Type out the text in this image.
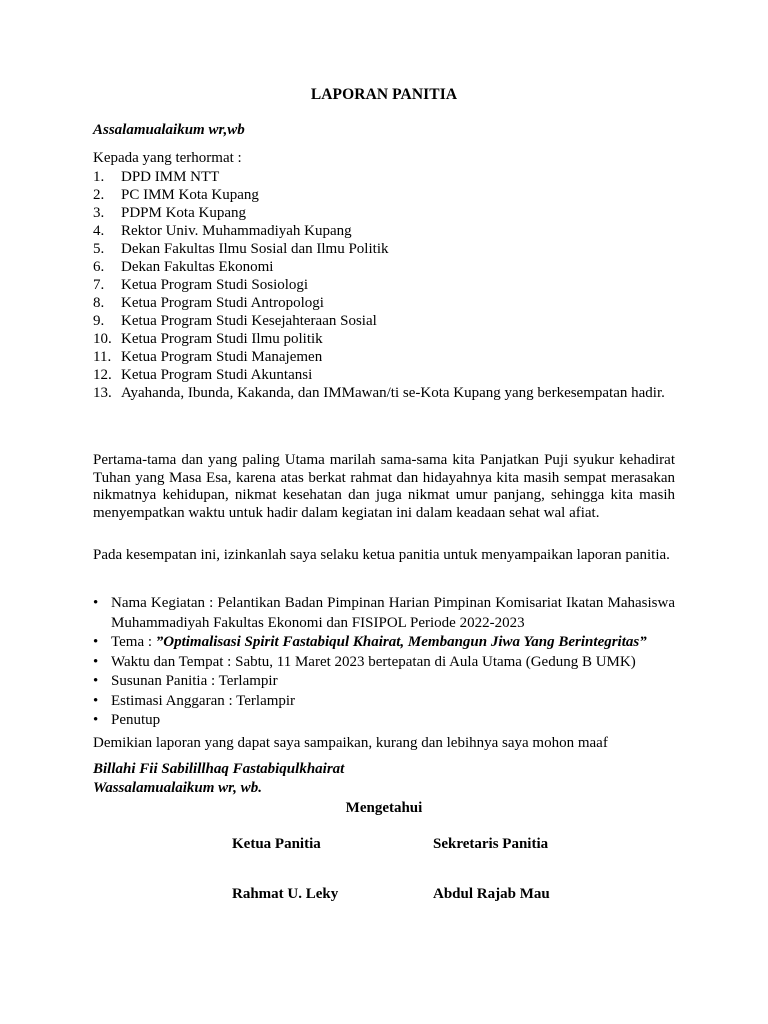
LAPORAN PANITIA
Assalamualaikum wr,wb
Kepada yang terhormat :
1. DPD IMM NTT
2. PC IMM Kota Kupang
3. PDPM Kota Kupang
4. Rektor Univ. Muhammadiyah Kupang
5. Dekan Fakultas Ilmu Sosial dan Ilmu Politik
6. Dekan Fakultas Ekonomi
7. Ketua Program Studi Sosiologi
8. Ketua Program Studi Antropologi
9. Ketua Program Studi Kesejahteraan Sosial
10. Ketua Program Studi Ilmu politik
11. Ketua Program Studi Manajemen
12. Ketua Program Studi Akuntansi
13. Ayahanda, Ibunda, Kakanda, dan IMMawan/ti se-Kota Kupang yang berkesempatan hadir.

Pertama-tama dan yang paling Utama marilah sama-sama kita Panjatkan Puji syukur kehadirat Tuhan yang Masa Esa, karena atas berkat rahmat dan hidayahnya kita masih sempat merasakan nikmatnya kehidupan, nikmat kesehatan dan juga nikmat umur panjang, sehingga kita masih menyempatkan waktu untuk hadir dalam kegiatan ini dalam keadaan sehat wal afiat.

Pada kesempatan ini, izinkanlah saya selaku ketua panitia untuk menyampaikan laporan panitia.

• Nama Kegiatan : Pelantikan Badan Pimpinan Harian Pimpinan Komisariat Ikatan Mahasiswa Muhammadiyah Fakultas Ekonomi dan FISIPOL Periode 2022-2023
• Tema : ”Optimalisasi Spirit Fastabiqul Khairat, Membangun Jiwa Yang Berintegritas”
• Waktu dan Tempat : Sabtu, 11 Maret 2023 bertepatan di Aula Utama (Gedung B UMK)
• Susunan Panitia : Terlampir
• Estimasi Anggaran : Terlampir
• Penutup
Demikian laporan yang dapat saya sampaikan, kurang dan lebihnya saya mohon maaf
Billahi Fii Sabilillhaq Fastabiqulkhairat
Wassalamualaikum wr, wb.
Mengetahui
Ketua Panitia	Sekretaris Panitia
Rahmat U. Leky	Abdul Rajab Mau
